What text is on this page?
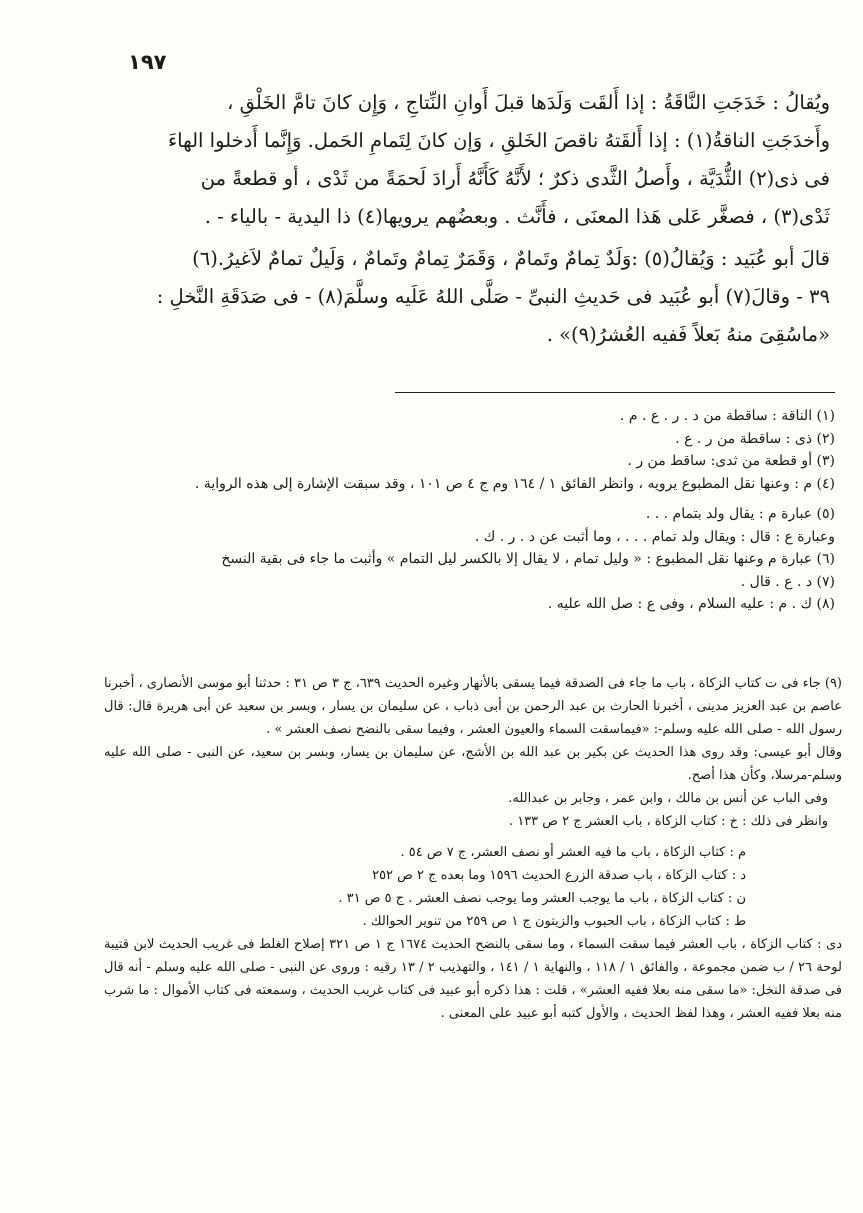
١٩٧

ويُقالُ : خَدَجَتِ النَّاقَةُ : إذا أَلقَت وَلَدَها قبلَ أَوانِ النِّتاجِ ، وَإِن كانَ تامَّ الخَلْقِ ،

وأَخدَجَتِ الناقةُ(١) : إذا أَلقَتهُ ناقصَ الخَلقِ ، وَإن كانَ لِتَمامِ الحَمل. وَإِنَّما أَدخلوا الهاءَ

فى ذى(٢) الثُّدَيَّة ، وأَصلُ الثَّدى ذكرٌ ؛ لأَنَّهُ كَأَنَّهُ أَرادَ لَحمَةً من ثَدْى ، أو قطعةً من

ثَدْى(٣) ، فصغَّر عَلى هَذا المعنَى ، فأَنَّث . وبعضُهم يرويها(٤) ذا اليدية - بالياء - .

قالَ أبو عُبَيد : وَيُقالُ(٥) :وَلَدٌ تِمامٌ وتَمامٌ ، وَقَمَرٌ تِمامٌ وتَمامٌ ، وَلَيلٌ تمامٌ لاَغيرُ.(٦)

٣٩ - وقالَ(٧) أبو عُبَيد فى حَديثِ النبىِّ - صَلَّى اللهُ عَلَيه وسلَّمَ(٨) - فى صَدَقَةِ النَّخلِ :

«ماسُقِىَ منهُ بَعلاً فَفيه العُشرُ(٩)» .

(١) الناقة : ساقطة من د . ر . ع . م .

(٢) ذى : ساقطة من ر . ع .

(٣) أو قطعة من ثدى: ساقط من ر .

(٤) م : وعنها نقل المطبوع يرويه ، وانظر الفائق ١ / ١٦٤ وم ج ٤ ص ١٠١ ، وقد سبقت الإشارة إلى هذه الرواية .

(٥) عبارة م : يقال ولد بتمام . . .

وعبارة ع : قال : ويقال ولد تمام . . . ، وما أثبت عن د . ر . ك .

(٦) عبارة م وعنها نقل المطبوع : « وليل تمام ، لا يقال إلا بالكسر ليل التمام » وأثبت ما جاء فى بقية النسخ

(٧) د . ع . قال .

(٨) ك . م : عليه السلام ، وفى ع : صل الله عليه .

(٩) جاء فى ت كتاب الزكاة ، باب ما جاء فى الصدقة فيما يسقى بالأنهار وغيره الحديث ٦٣٩، ج ٣ ص ٣١ : حدثنا أبو موسى الأنصارى ، أخبرنا عاصم بن عبد العزيز مدينى ، أخبرنا الحارث بن عبد الرحمن بن أبى ذباب ، عن سليمان بن يسار ، وبسر بن سعيد عن أبى هريرة قال: قال رسول الله - صلى الله عليه وسلم-: «فيماسقت السماء والعيون العشر ، وفيما سقى بالنضح نصف العشر » .

وقال أبو عيسى: وقد روى هذا الحديث عن بكير بن عبد الله بن الأشج، عن سليمان بن يسار، وبسر بن سعيد، عن النبى - صلى الله عليه وسلم-مرسلا، وكأن هذا أصح.

وفى الباب عن أنس بن مالك ، وابن عمر ، وجابر بن عبدالله.

وانظر فى ذلك : خ : كتاب الزكاة ، باب العشر ج ٢ ص ١٣٣ .

م : كتاب الزكاة ، باب ما فيه العشر أو نصف العشر، ج ٧ ص ٥٤ .

د : كتاب الزكاة ، باب صدقة الزرع الحديث ١٥٩٦ وما بعده ج ٢ ص ٢٥٢

ن : كتاب الزكاة ، باب ما يوجب العشر وما يوجب نصف العشر . ج ٥ ص ٣١ .

ط : كتاب الزكاة ، باب الحبوب والزيتون ج ١ ص ٢٥٩ من تنوير الحوالك .

دى : كتاب الزكاة ، باب العشر فيما سقت السماء ، وما سقى بالنضح الحديث ١٦٧٤ ج ١ ص ٣٢١ إصلاح الغلط فى غريب الحديث لابن قتيبة لوحة ٢٦ / ب ضمن مجموعة ، والفائق ١ / ١١٨ ، والنهاية ١ / ١٤١ ، والتهذيب ٢ / ١٣ رقيه : وروى عن النبى - صلى الله عليه وسلم - أنه قال فى صدقة النخل: «ما سقى منه بعلا ففيه العشر» ، قلت : هذا ذكره أبو عبيد فى كتاب غريب الحديث ، وسمعته فى كتاب الأموال : ما شرب منه بعلا ففيه العشر ، وهذا لفظ الحديث ، والأول كتبه أبو عبيد على المعنى .
